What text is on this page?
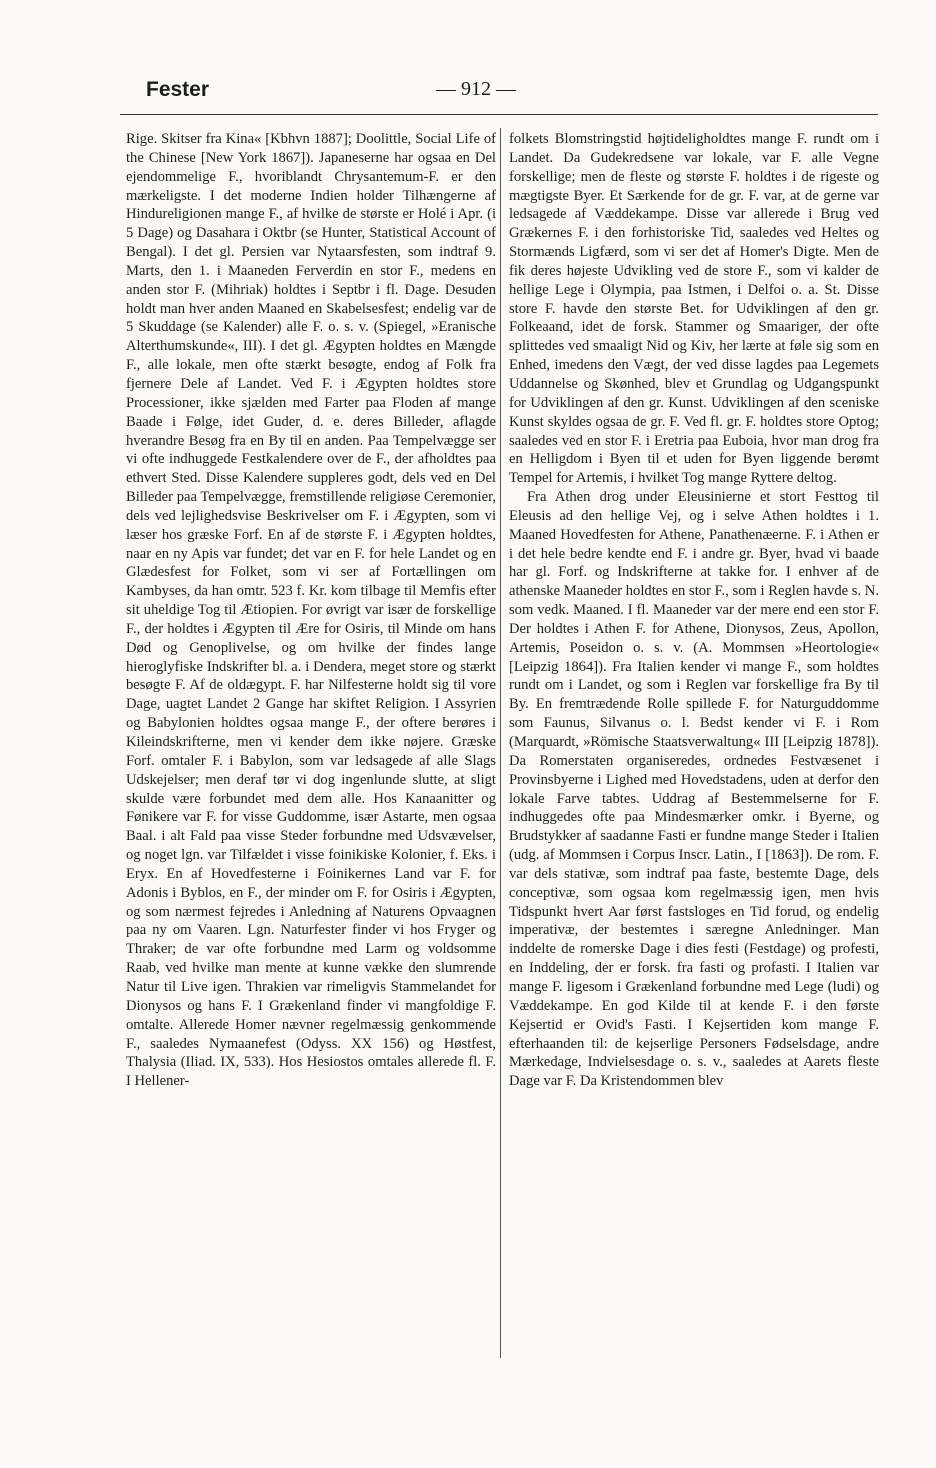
Fester	— 912 —

Rige. Skitser fra Kina« [Kbhvn 1887]; Doolittle, Social Life of the Chinese [New York 1867]). Japaneserne har ogsaa en Del ejendommelige F., hvoriblandt Chrysantemum-F. er den mærkeligste. I det moderne Indien holder Tilhængerne af Hindureligionen mange F., af hvilke de største er Holé i Apr. (i 5 Dage) og Dasahara i Oktbr (se Hunter, Statistical Account of Bengal). I det gl. Persien var Nytaarsfesten, som indtraf 9. Marts, den 1. i Maaneden Ferverdin en stor F., medens en anden stor F. (Mihriak) holdtes i Septbr i fl. Dage. Desuden holdt man hver anden Maaned en Skabelsesfest; endelig var de 5 Skuddage (se Kalender) alle F. o. s. v. (Spiegel, »Eranische Alterthumskunde«, III). I det gl. Ægypten holdtes en Mængde F., alle lokale, men ofte stærkt besøgte, endog af Folk fra fjernere Dele af Landet. Ved F. i Ægypten holdtes store Processioner, ikke sjælden med Farter paa Floden af mange Baade i Følge, idet Guder, d. e. deres Billeder, aflagde hverandre Besøg fra en By til en anden. Paa Tempelvægge ser vi ofte indhuggede Festkalendere over de F., der afholdtes paa ethvert Sted. Disse Kalendere suppleres godt, dels ved en Del Billeder paa Tempelvægge, fremstillende religiøse Ceremonier, dels ved lejlighedsvise Beskrivelser om F. i Ægypten, som vi læser hos græske Forf. En af de største F. i Ægypten holdtes, naar en ny Apis var fundet; det var en F. for hele Landet og en Glædesfest for Folket, som vi ser af Fortællingen om Kambyses, da han omtr. 523 f. Kr. kom tilbage til Memfis efter sit uheldige Tog til Ætiopien. For øvrigt var især de forskellige F., der holdtes i Ægypten til Ære for Osiris, til Minde om hans Død og Genoplivelse, og om hvilke der findes lange hieroglyfiske Indskrifter bl. a. i Dendera, meget store og stærkt besøgte F. Af de oldægypt. F. har Nilfesterne holdt sig til vore Dage, uagtet Landet 2 Gange har skiftet Religion. I Assyrien og Babylonien holdtes ogsaa mange F., der oftere berøres i Kileindskrifterne, men vi kender dem ikke nøjere. Græske Forf. omtaler F. i Babylon, som var ledsagede af alle Slags Udskejelser; men deraf tør vi dog ingenlunde slutte, at sligt skulde være forbundet med dem alle. Hos Kanaanitter og Fønikere var F. for visse Guddomme, især Astarte, men ogsaa Baal. i alt Fald paa visse Steder forbundne med Udsvævelser, og noget lgn. var Tilfældet i visse foinikiske Kolonier, f. Eks. i Eryx. En af Hovedfesterne i Foinikernes Land var F. for Adonis i Byblos, en F., der minder om F. for Osiris i Ægypten, og som nærmest fejredes i Anledning af Naturens Opvaagnen paa ny om Vaaren. Lgn. Naturfester finder vi hos Fryger og Thraker; de var ofte forbundne med Larm og voldsomme Raab, ved hvilke man mente at kunne vække den slumrende Natur til Live igen. Thrakien var rimeligvis Stammelandet for Dionysos og hans F. I Grækenland finder vi mangfoldige F. omtalte. Allerede Homer nævner regelmæssig genkommende F., saaledes Nymaanefest (Odyss. XX 156) og Høstfest, Thalysia (Iliad. IX, 533). Hos Hesiostos omtales allerede fl. F. I Hellener-

folkets Blomstringstid højtideligholdtes mange F. rundt om i Landet. Da Gudekredsene var lokale, var F. alle Vegne forskellige; men de fleste og største F. holdtes i de rigeste og mægtigste Byer. Et Særkende for de gr. F. var, at de gerne var ledsagede af Væddekampe. Disse var allerede i Brug ved Grækernes F. i den forhistoriske Tid, saaledes ved Heltes og Stormænds Ligfærd, som vi ser det af Homer's Digte. Men de fik deres højeste Udvikling ved de store F., som vi kalder de hellige Lege i Olympia, paa Istmen, i Delfoi o. a. St. Disse store F. havde den største Bet. for Udviklingen af den gr. Folkeaand, idet de forsk. Stammer og Smaariger, der ofte splittedes ved smaaligt Nid og Kiv, her lærte at føle sig som en Enhed, imedens den Vægt, der ved disse lagdes paa Legemets Uddannelse og Skønhed, blev et Grundlag og Udgangspunkt for Udviklingen af den gr. Kunst. Udviklingen af den sceniske Kunst skyldes ogsaa de gr. F. Ved fl. gr. F. holdtes store Optog; saaledes ved en stor F. i Eretria paa Euboia, hvor man drog fra en Helligdom i Byen til et uden for Byen liggende berømt Tempel for Artemis, i hvilket Tog mange Ryttere deltog.

Fra Athen drog under Eleusinierne et stort Festtog til Eleusis ad den hellige Vej, og i selve Athen holdtes i 1. Maaned Hovedfesten for Athene, Panathenæerne. F. i Athen er i det hele bedre kendte end F. i andre gr. Byer, hvad vi baade har gl. Forf. og Indskrifterne at takke for. I enhver af de athenske Maaneder holdtes en stor F., som i Reglen havde s. N. som vedk. Maaned. I fl. Maaneder var der mere end een stor F. Der holdtes i Athen F. for Athene, Dionysos, Zeus, Apollon, Artemis, Poseidon o. s. v. (A. Mommsen »Heortologie« [Leipzig 1864]). Fra Italien kender vi mange F., som holdtes rundt om i Landet, og som i Reglen var forskellige fra By til By. En fremtrædende Rolle spillede F. for Naturguddomme som Faunus, Silvanus o. l. Bedst kender vi F. i Rom (Marquardt, »Römische Staatsverwaltung« III [Leipzig 1878]). Da Romerstaten organiseredes, ordnedes Festvæsenet i Provinsbyerne i Lighed med Hovedstadens, uden at derfor den lokale Farve tabtes. Uddrag af Bestemmelserne for F. indhuggedes ofte paa Mindesmærker omkr. i Byerne, og Brudstykker af saadanne Fasti er fundne mange Steder i Italien (udg. af Mommsen i Corpus Inscr. Latin., I [1863]). De rom. F. var dels stativæ, som indtraf paa faste, bestemte Dage, dels conceptivæ, som ogsaa kom regelmæssig igen, men hvis Tidspunkt hvert Aar først fastsloges en Tid forud, og endelig imperativæ, der bestemtes i særegne Anledninger. Man inddelte de romerske Dage i dies festi (Festdage) og profesti, en Inddeling, der er forsk. fra fasti og profasti. I Italien var mange F. ligesom i Grækenland forbundne med Lege (ludi) og Væddekampe. En god Kilde til at kende F. i den første Kejsertid er Ovid's Fasti. I Kejsertiden kom mange F. efterhaanden til: de kejserlige Personers Fødselsdage, andre Mærkedage, Indvielsesdage o. s. v., saaledes at Aarets fleste Dage var F. Da Kristendommen blev
